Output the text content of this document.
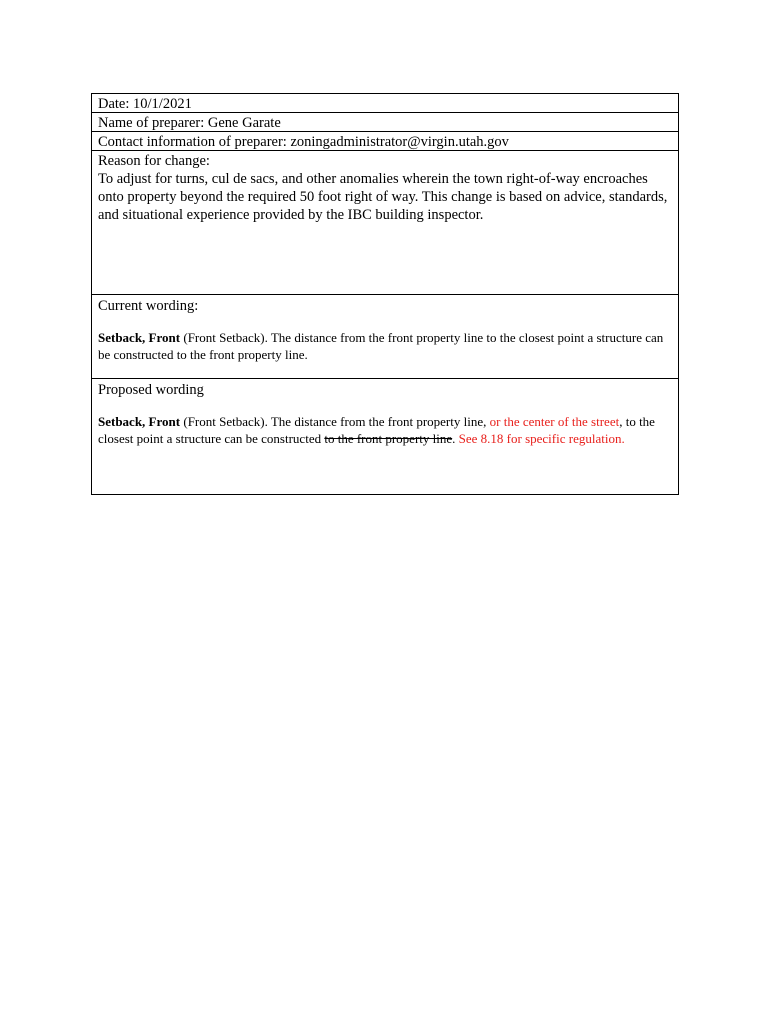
Date: 10/1/2021
Name of preparer: Gene Garate
Contact information of preparer: zoningadministrator@virgin.utah.gov
Reason for change:
To adjust for turns, cul de sacs, and other anomalies wherein the town right-of-way encroaches onto property beyond the required 50 foot right of way. This change is based on advice, standards, and situational experience provided by the IBC building inspector.
Current wording:
Setback, Front (Front Setback). The distance from the front property line to the closest point a structure can be constructed to the front property line.
Proposed wording
Setback, Front (Front Setback). The distance from the front property line, or the center of the street, to the closest point a structure can be constructed to the front property line. See 8.18 for specific regulation.
